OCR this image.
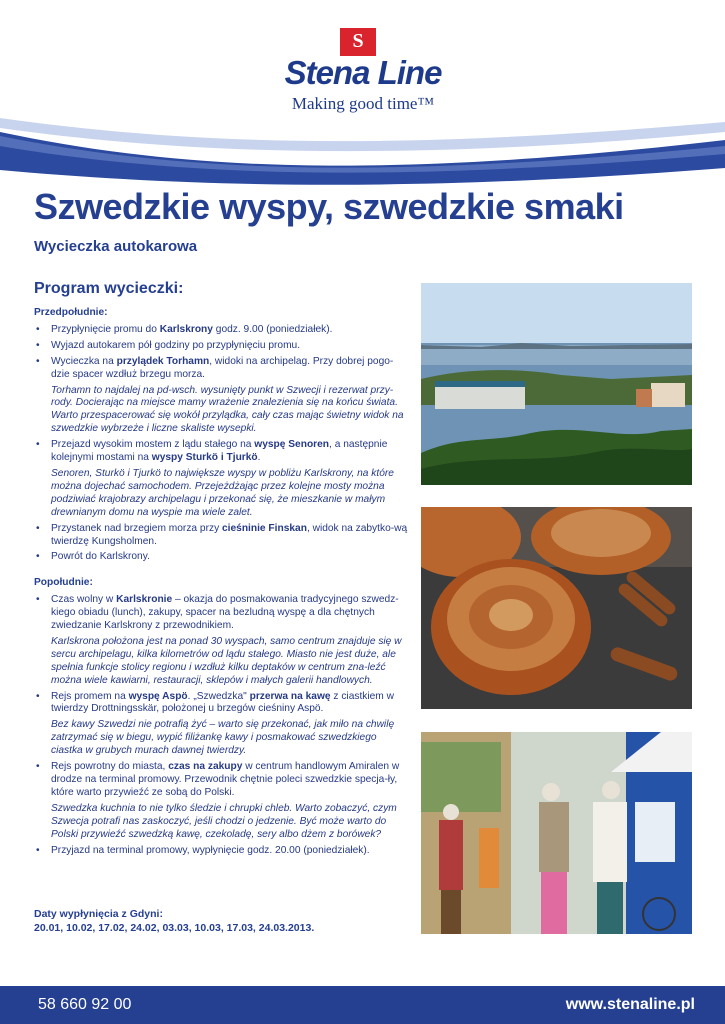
S
Stena Line
Making good time™
Szwedzkie wyspy, szwedzkie smaki
Wycieczka autokarowa
Program wycieczki:
Przedpołudnie:
• Przypłynięcie promu do Karlskrony godz. 9.00 (poniedziałek).
• Wyjazd autokarem pół godziny po przypłynięciu promu.
• Wycieczka na przylądek Torhamn, widoki na archipelag. Przy dobrej pogo-dzie spacer wzdłuż brzegu morza.

Torhamn to najdalej na pd-wsch. wysunięty punkt w Szwecji i rezerwat przy-rody. Docierając na miejsce mamy wrażenie znalezienia się na końcu świata. Warto przespacerować się wokół przylądka, cały czas mając świetny widok na szwedzkie wybrzeże i liczne skaliste wysepki.

• Przejazd wysokim mostem z lądu stałego na wyspę Senoren, a następnie kolejnymi mostami na wyspy Sturkö i Tjurkö.

Senoren, Sturkö i Tjurkö to największe wyspy w pobliżu Karlskrony, na które można dojechać samochodem. Przejeżdżając przez kolejne mosty można podziwiać krajobrazy archipelagu i przekonać się, że mieszkanie w małym drewnianym domu na wyspie ma wiele zalet.

• Przystanek nad brzegiem morza przy cieśninie Finskan, widok na zabytko-wą twierdzę Kungsholmen.
• Powrót do Karlskrony.
Popołudnie:
• Czas wolny w Karlskronie – okazja do posmakowania tradycyjnego szwedz-kiego obiadu (lunch), zakupy, spacer na bezludną wyspę a dla chętnych zwiedzanie Karlskrony z przewodnikiem.

Karlskrona położona jest na ponad 30 wyspach, samo centrum znajduje się w sercu archipelagu, kilka kilometrów od lądu stałego. Miasto nie jest duże, ale spełnia funkcje stolicy regionu i wzdłuż kilku deptaków w centrum zna-leźć można wiele kawiarni, restauracji, sklepów i małych galerii handlowych.

• Rejs promem na wyspę Aspö. „Szwedzka" przerwa na kawę z ciastkiem w twierdzy Drottningsskär, położonej u brzegów cieśniny Aspö.

Bez kawy Szwedzi nie potrafią żyć – warto się przekonać, jak miło na chwilę zatrzymać się w biegu, wypić filiżankę kawy i posmakować szwedzkiego ciastka w grubych murach dawnej twierdzy.

• Rejs powrotny do miasta, czas na zakupy w centrum handlowym Amiralen w drodze na terminal promowy. Przewodnik chętnie poleci szwedzkie specja-ły, które warto przywieźć ze sobą do Polski.

Szwedzka kuchnia to nie tylko śledzie i chrupki chleb. Warto zobaczyć, czym Szwecja potrafi nas zaskoczyć, jeśli chodzi o jedzenie. Być może warto do Polski przywieźć szwedzką kawę, czekoladę, sery albo dżem z borówek?

• Przyjazd na terminal promowy, wypłynięcie godz. 20.00 (poniedziałek).
Daty wypłynięcia z Gdyni:
20.01, 10.02, 17.02, 24.02, 03.03, 10.03, 17.03, 24.03.2013.
58 660 92 00	www.stenaline.pl
